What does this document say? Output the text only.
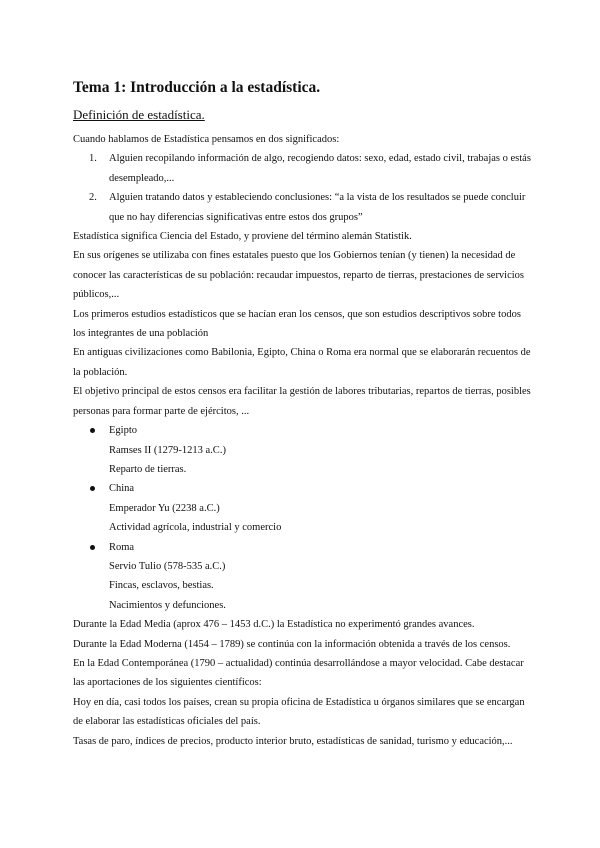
Tema 1: Introducción a la estadística.
Definición de estadística.

Cuando hablamos de Estadística pensamos en dos significados:

1. Alguien recopilando información de algo, recogiendo datos: sexo, edad, estado civil, trabajas o estás desempleado,...
2. Alguien tratando datos y estableciendo conclusiones: “a la vista de los resultados se puede concluir que no hay diferencias significativas entre estos dos grupos”

Estadística significa Ciencia del Estado, y proviene del término alemán Statistik.

En sus orígenes se utilizaba con fines estatales puesto que los Gobiernos tenían (y tienen) la necesidad de conocer las características de su población: recaudar impuestos, reparto de tierras, prestaciones de servicios públicos,...

Los primeros estudios estadísticos que se hacían eran los censos, que son estudios descriptivos sobre todos los integrantes de una población

En antiguas civilizaciones como Babilonia, Egipto, China o Roma era normal que se elaborarán recuentos de la población.

El objetivo principal de estos censos era facilitar la gestión de labores tributarias, repartos de tierras, posibles personas para formar parte de ejércitos, ...

Egipto
Ramses II (1279-1213 a.C.)
Reparto de tierras.
China
Emperador Yu (2238 a.C.)
Actividad agrícola, industrial y comercio
Roma
Servio Tulio (578-535 a.C.)
Fincas, esclavos, bestias.
Nacimientos y defunciones.

Durante la Edad Media (aprox 476 – 1453 d.C.) la Estadística no experimentó grandes avances.

Durante la Edad Moderna (1454 – 1789) se continúa con la información obtenida a través de los censos.

En la Edad Contemporánea (1790 – actualidad) continúa desarrollándose a mayor velocidad. Cabe destacar las aportaciones de los siguientes científicos:

Hoy en día, casi todos los países, crean su propia oficina de Estadística u órganos similares que se encargan de elaborar las estadísticas oficiales del país.

Tasas de paro, índices de precios, producto interior bruto, estadísticas de sanidad, turismo y educación,...
